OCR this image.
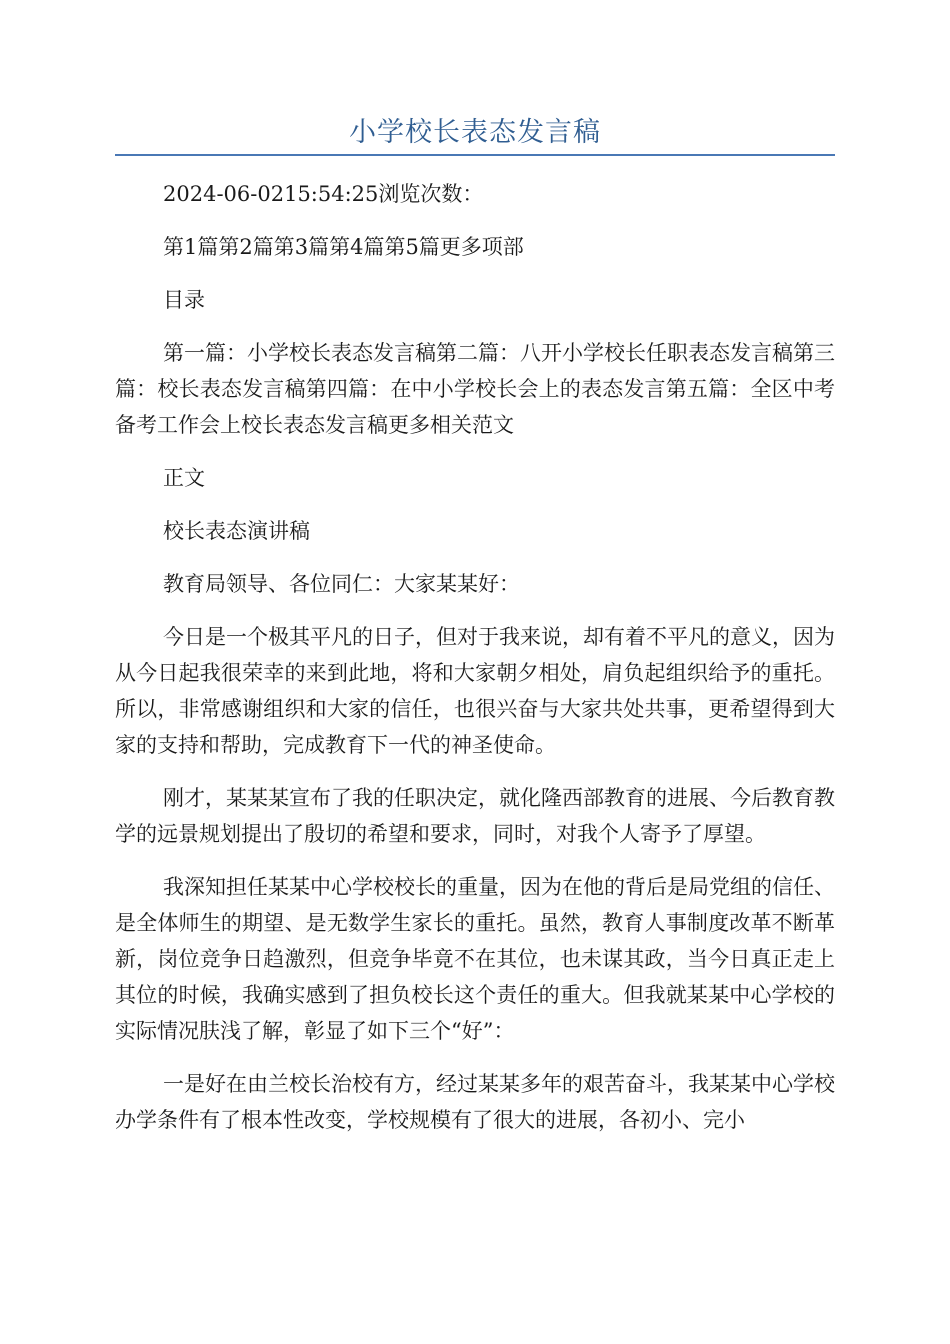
小学校长表态发言稿

2024-06-0215:54:25浏览次数：

第1篇第2篇第3篇第4篇第5篇更多项部

目录

第一篇：小学校长表态发言稿第二篇：八开小学校长任职表态发言稿第三篇：校长表态发言稿第四篇：在中小学校长会上的表态发言第五篇：全区中考备考工作会上校长表态发言稿更多相关范文

正文

校长表态演讲稿

教育局领导、各位同仁：大家某某好：

今日是一个极其平凡的日子，但对于我来说，却有着不平凡的意义，因为从今日起我很荣幸的来到此地，将和大家朝夕相处，肩负起组织给予的重托。所以，非常感谢组织和大家的信任，也很兴奋与大家共处共事，更希望得到大家的支持和帮助，完成教育下一代的神圣使命。

刚才，某某某宣布了我的任职决定，就化隆西部教育的进展、今后教育教学的远景规划提出了殷切的希望和要求，同时，对我个人寄予了厚望。

我深知担任某某中心学校校长的重量，因为在他的背后是局党组的信任、是全体师生的期望、是无数学生家长的重托。虽然，教育人事制度改革不断革新，岗位竞争日趋激烈，但竞争毕竟不在其位，也未谋其政，当今日真正走上其位的时候，我确实感到了担负校长这个责任的重大。但我就某某中心学校的实际情况肤浅了解，彰显了如下三个“好”：

一是好在由兰校长治校有方，经过某某多年的艰苦奋斗，我某某中心学校办学条件有了根本性改变，学校规模有了很大的进展，各初小、完小
